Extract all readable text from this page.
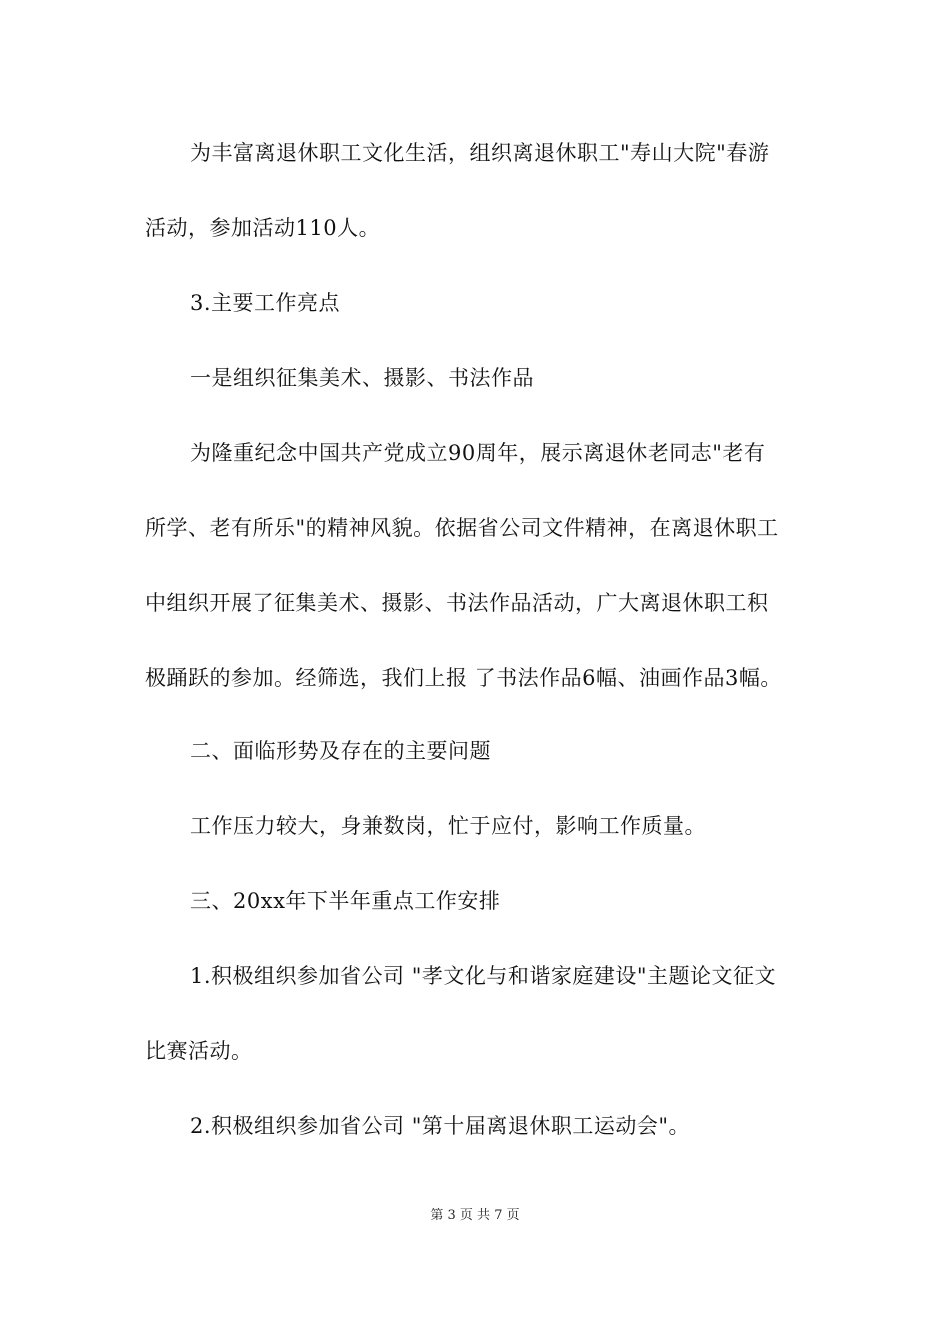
为丰富离退休职工文化生活，组织离退休职工"寿山大院"春游
活动，参加活动110人。
3.主要工作亮点
一是组织征集美术、摄影、书法作品
为隆重纪念中国共产党成立90周年，展示离退休老同志"老有
所学、老有所乐"的精神风貌。依据省公司文件精神，在离退休职工
中组织开展了征集美术、摄影、书法作品活动，广大离退休职工积
极踊跃的参加。经筛选，我们上报 了书法作品6幅、油画作品3幅。
二、面临形势及存在的主要问题
工作压力较大，身兼数岗，忙于应付，影响工作质量。
三、20xx年下半年重点工作安排
1.积极组织参加省公司 "孝文化与和谐家庭建设"主题论文征文
比赛活动。
2.积极组织参加省公司 "第十届离退休职工运动会"。
第 3 页 共 7 页
